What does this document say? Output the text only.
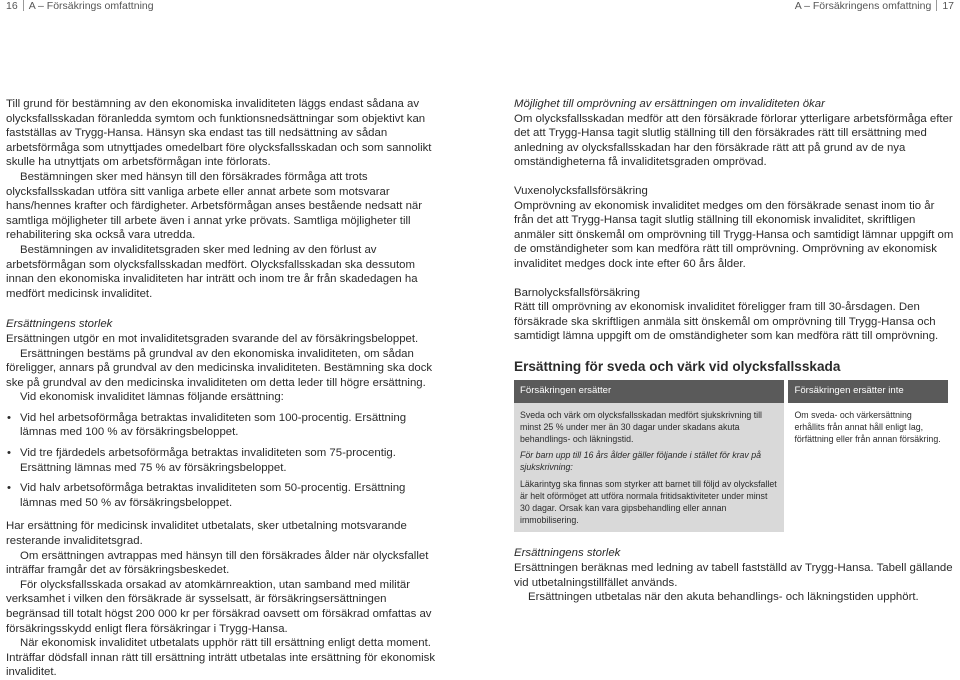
16 A – Försäkrings omfattning	A – Försäkringens omfattning 17

Till grund för bestämning av den ekonomiska invaliditeten läggs endast sådana av olycksfallsskadan föranledda symtom och funktionsnedsättningar som objektivt kan fastställas av Trygg-Hansa. Hänsyn ska endast tas till nedsättning av sådan arbetsförmåga som utnyttjades omedelbart före olycksfallsskadan och som sannolikt skulle ha utnyttjats om arbetsförmågan inte förlorats.

Bestämningen sker med hänsyn till den försäkrades förmåga att trots olycksfallsskadan utföra sitt vanliga arbete eller annat arbete som motsvarar hans/hennes krafter och färdigheter. Arbetsförmågan anses bestående nedsatt när samtliga möjligheter till arbete även i annat yrke prövats. Samtliga möjligheter till rehabilitering ska också vara utredda.

Bestämningen av invaliditetsgraden sker med ledning av den förlust av arbetsförmågan som olycksfallsskadan medfört. Olycksfallsskadan ska dessutom innan den ekonomiska invaliditeten har inträtt och inom tre år från skadedagen ha medfört medicinsk invaliditet.

Ersättningens storlek

Ersättningen utgör en mot invaliditetsgraden svarande del av försäkringsbeloppet.

Ersättningen bestäms på grundval av den ekonomiska invaliditeten, om sådan föreligger, annars på grundval av den medicinska invaliditeten. Bestämning ska dock ske på grundval av den medicinska invaliditeten om detta leder till högre ersättning.

Vid ekonomisk invaliditet lämnas följande ersättning:

• Vid hel arbetsoförmåga betraktas invaliditeten som 100-procentig. Ersättning lämnas med 100 % av försäkringsbeloppet.
• Vid tre fjärdedels arbetsoförmåga betraktas invaliditeten som 75-procentig. Ersättning lämnas med 75 % av försäkringsbeloppet.
• Vid halv arbetsoförmåga betraktas invaliditeten som 50-procentig. Ersättning lämnas med 50 % av försäkringsbeloppet.

Har ersättning för medicinsk invaliditet utbetalats, sker utbetalning motsvarande resterande invaliditetsgrad.

Om ersättningen avtrappas med hänsyn till den försäkrades ålder när olycksfallet inträffar framgår det av försäkringsbeskedet.

För olycksfallsskada orsakad av atomkärnreaktion, utan samband med militär verksamhet i vilken den försäkrade är sysselsatt, är försäkringsersättningen begränsad till totalt högst 200 000 kr per försäkrad oavsett om försäkrad omfattas av försäkringsskydd enligt flera försäkringar i Trygg-Hansa.

När ekonomisk invaliditet utbetalats upphör rätt till ersättning enligt detta moment. Inträffar dödsfall innan rätt till ersättning inträtt utbetalas inte ersättning för ekonomisk invaliditet.

Möjlighet till omprövning av ersättningen om invaliditeten ökar

Om olycksfallsskadan medför att den försäkrade förlorar ytterligare arbetsförmåga efter det att Trygg-Hansa tagit slutlig ställning till den försäkrades rätt till ersättning med anledning av olycksfallsskadan har den försäkrade rätt att på grund av de nya omständigheterna få invaliditetsgraden omprövad.

Vuxenolycksfallsförsäkring

Omprövning av ekonomisk invaliditet medges om den försäkrade senast inom tio år från det att Trygg-Hansa tagit slutlig ställning till ekonomisk invaliditet, skriftligen anmäler sitt önskemål om omprövning till Trygg-Hansa och samtidigt lämnar uppgift om de omständigheter som kan medföra rätt till omprövning. Omprövning av ekonomisk invaliditet medges dock inte efter 60 års ålder.

Barnolycksfallsförsäkring

Rätt till omprövning av ekonomisk invaliditet föreligger fram till 30-årsdagen. Den försäkrade ska skriftligen anmäla sitt önskemål om omprövning till Trygg-Hansa och samtidigt lämna uppgift om de omständigheter som kan medföra rätt till omprövning.

Ersättning för sveda och värk vid olycksfallsskada

Försäkringen ersätter	Försäkringen ersätter inte

Sveda och värk om olycksfallsskadan medfört sjukskrivning till minst 25 % under mer än 30 dagar under skadans akuta behandlings- och läkningstid.

För barn upp till 16 års ålder gäller följande i stället för krav på sjukskrivning:

Läkarintyg ska finnas som styrker att barnet till följd av olycksfallet är helt oförmöget att utföra normala fritidsaktiviteter under minst 30 dagar. Orsak kan vara gipsbehandling eller annan immobilisering.	Om sveda- och värkersättning erhållits från annat håll enligt lag, förfättning eller från annan försäkring.

Ersättningens storlek

Ersättningen beräknas med ledning av tabell fastställd av Trygg-Hansa. Tabell gällande vid utbetalningstillfället används.

Ersättningen utbetalas när den akuta behandlings- och läkningstiden upphört.
